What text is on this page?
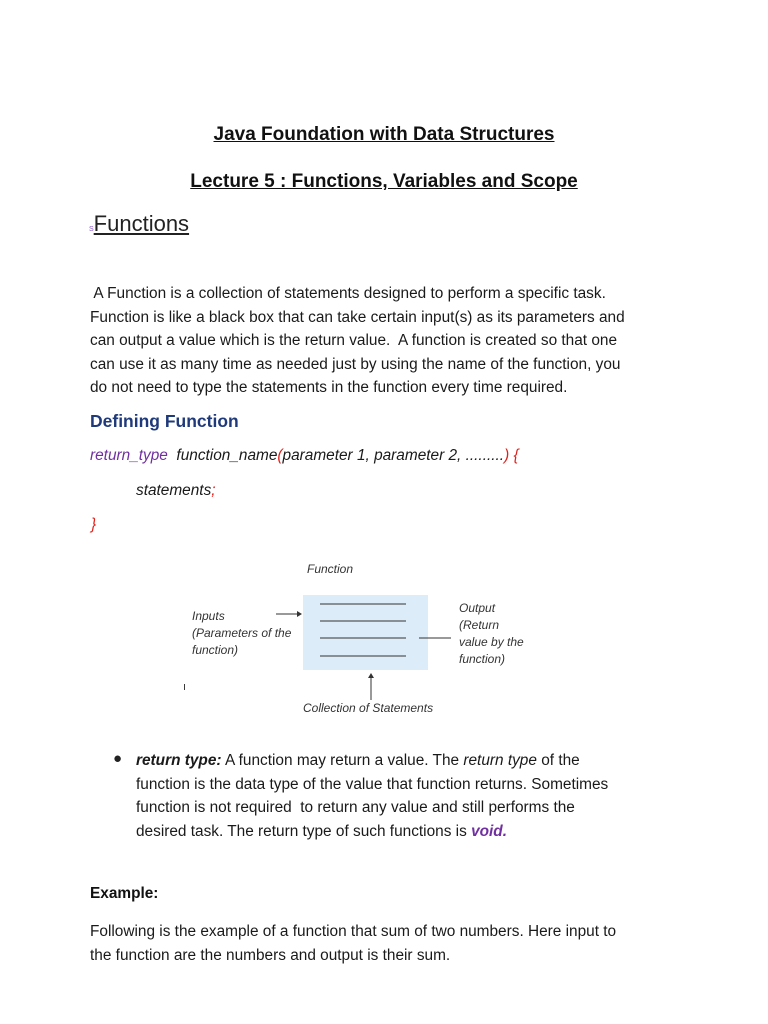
Java Foundation with Data Structures
Lecture 5 : Functions, Variables and Scope
SFunctions
A Function is a collection of statements designed to perform a specific task.
Function is like a black box that can take certain input(s) as its parameters and
can output a value which is the return value.  A function is created so that one
can use it as many time as needed just by using the name of the function, you
do not need to type the statements in the function every time required.
Defining Function
return_type function_name(parameter 1, parameter 2, .........) {
statements;
}
Function
Inputs
(Parameters of the
function)
Output
(Return
value by the
function)
ı
Collection of Statements
● return type: A function may return a value. The return type of the
function is the data type of the value that function returns. Sometimes
function is not required  to return any value and still performs the
desired task. The return type of such functions is void.
Example:
Following is the example of a function that sum of two numbers. Here input to
the function are the numbers and output is their sum.
